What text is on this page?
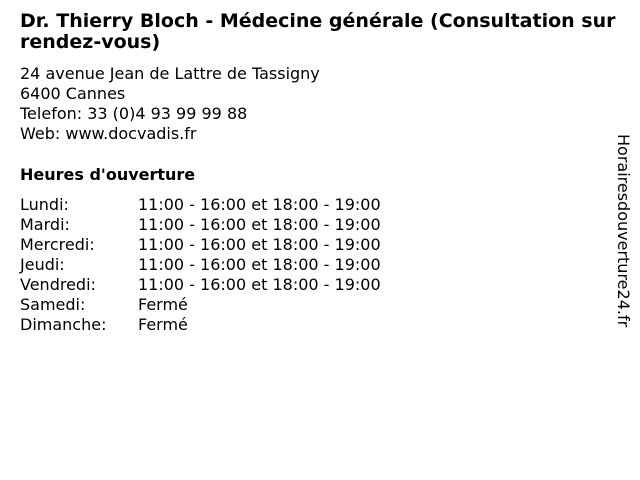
Dr. Thierry Bloch - Médecine générale (Consultation sur rendez-vous)
24 avenue Jean de Lattre de Tassigny
6400 Cannes
Telefon: 33 (0)4 93 99 99 88
Web: www.docvadis.fr
Heures d'ouverture
Lundi:	11:00 - 16:00 et 18:00 - 19:00
Mardi:	11:00 - 16:00 et 18:00 - 19:00
Mercredi:	11:00 - 16:00 et 18:00 - 19:00
Jeudi:	11:00 - 16:00 et 18:00 - 19:00
Vendredi:	11:00 - 16:00 et 18:00 - 19:00
Samedi:	Fermé
Dimanche:	Fermé	Horairesdouverture24.fr
